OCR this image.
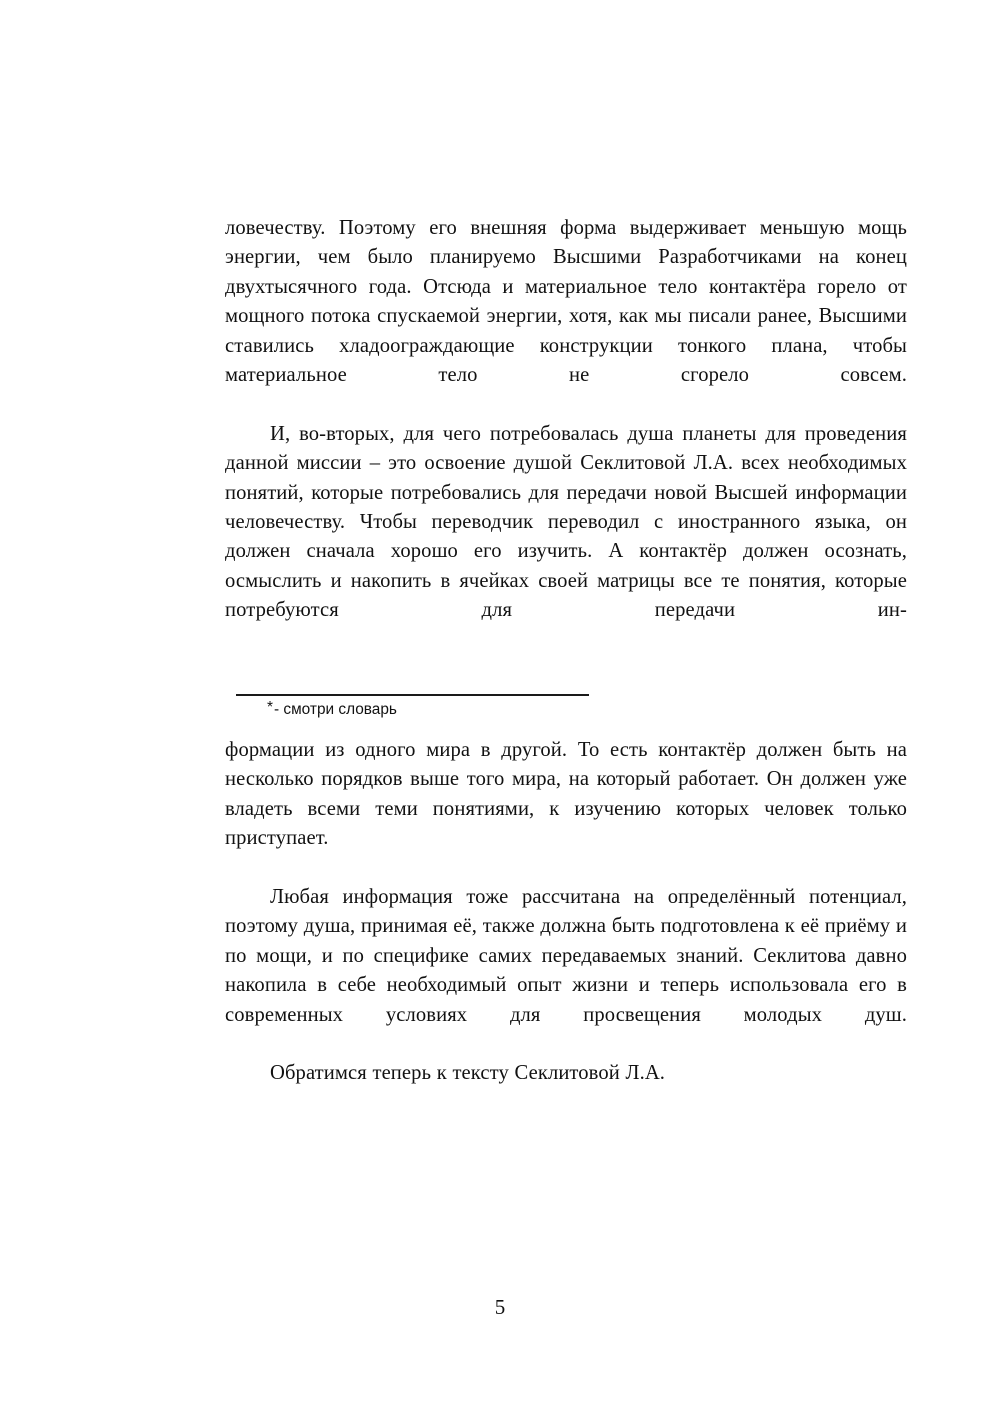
ловечеству. Поэтому его внешняя форма выдерживает меньшую мощь энергии, чем было планируемо Высшими Разработчиками на конец двухтысячного года. Отсюда и материальное тело контактёра горело от мощного потока спускаемой энергии, хотя, как мы писали ранее, Высшими ставились хладоограждающие конструкции тонкого плана, чтобы материальное тело не сгорело совсем.

И, во-вторых, для чего потребовалась душа планеты для проведения данной миссии – это освоение душой Секлитовой Л.А. всех необходимых понятий, которые потребовались для передачи новой Высшей информации человечеству. Чтобы переводчик переводил с иностранного языка, он должен сначала хорошо его изучить. А контактёр должен осознать, осмыслить и накопить в ячейках своей матрицы все те понятия, которые потребуются для передачи ин-

*- смотри словарь

формации из одного мира в другой. То есть контактёр должен быть на несколько порядков выше того мира, на который работает. Он должен уже владеть всеми теми понятиями, к изучению которых человек только приступает.

Любая информация тоже рассчитана на определённый потенциал, поэтому душа, принимая её, также должна быть подготовлена к её приёму и по мощи, и по специфике самих передаваемых знаний. Секлитова давно накопила в себе необходимый опыт жизни и теперь использовала его в современных условиях для просвещения молодых душ.

Обратимся теперь к тексту Секлитовой Л.А.

5
